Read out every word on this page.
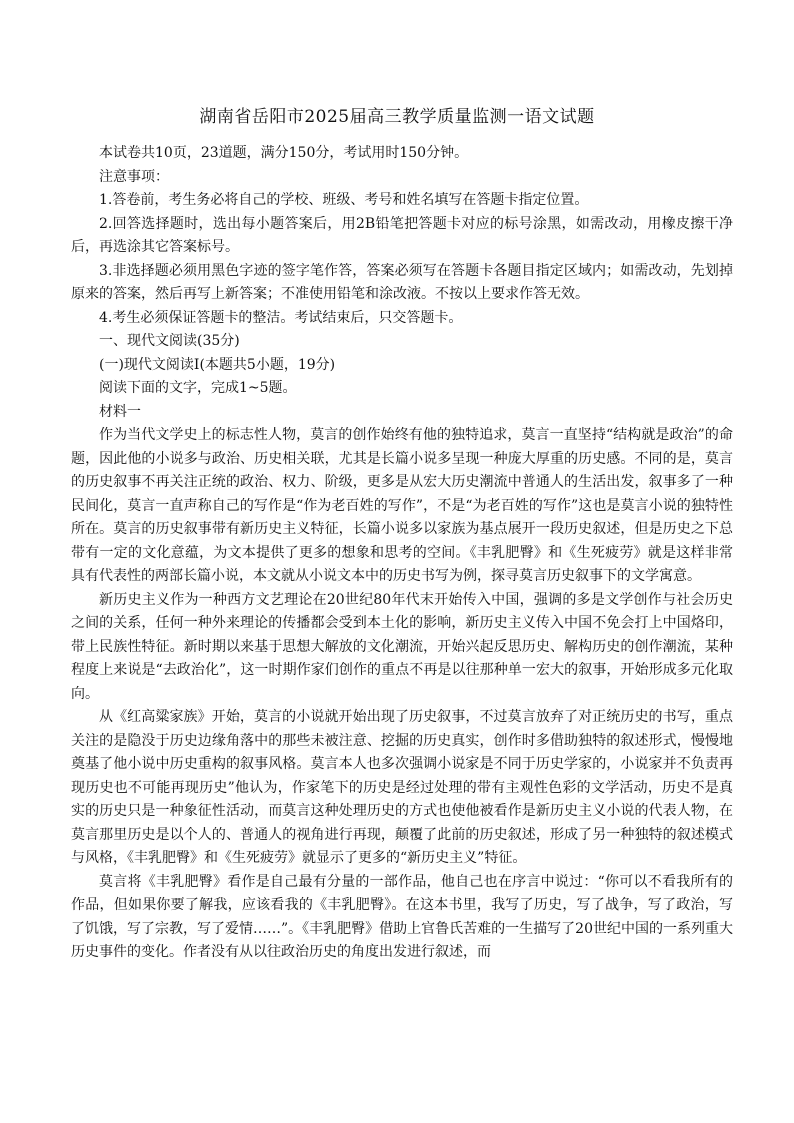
湖南省岳阳市2025届高三教学质量监测一语文试题

本试卷共10页，23道题，满分150分，考试用时150分钟。

注意事项：

1.答卷前，考生务必将自己的学校、班级、考号和姓名填写在答题卡指定位置。

2.回答选择题时，选出每小题答案后，用2B铅笔把答题卡对应的标号涂黑，如需改动，用橡皮擦干净后，再选涂其它答案标号。

3.非选择题必须用黑色字迹的签字笔作答，答案必须写在答题卡各题目指定区域内；如需改动，先划掉原来的答案，然后再写上新答案；不准使用铅笔和涂改液。不按以上要求作答无效。

4.考生必须保证答题卡的整洁。考试结束后，只交答题卡。

一、现代文阅读(35分)

(一)现代文阅读Ⅰ(本题共5小题，19分)

阅读下面的文字，完成1~5题。

材料一

作为当代文学史上的标志性人物，莫言的创作始终有他的独特追求，莫言一直坚持“结构就是政治”的命题，因此他的小说多与政治、历史相关联，尤其是长篇小说多呈现一种庞大厚重的历史感。不同的是，莫言的历史叙事不再关注正统的政治、权力、阶级，更多是从宏大历史潮流中普通人的生活出发，叙事多了一种民间化，莫言一直声称自己的写作是“作为老百姓的写作”，不是“为老百姓的写作”这也是莫言小说的独特性所在。莫言的历史叙事带有新历史主义特征，长篇小说多以家族为基点展开一段历史叙述，但是历史之下总带有一定的文化意蕴，为文本提供了更多的想象和思考的空间。《丰乳肥臀》和《生死疲劳》就是这样非常具有代表性的两部长篇小说，本文就从小说文本中的历史书写为例，探寻莫言历史叙事下的文学寓意。

新历史主义作为一种西方文艺理论在20世纪80年代末开始传入中国，强调的多是文学创作与社会历史之间的关系，任何一种外来理论的传播都会受到本土化的影响，新历史主义传入中国不免会打上中国烙印，带上民族性特征。新时期以来基于思想大解放的文化潮流，开始兴起反思历史、解构历史的创作潮流，某种程度上来说是“去政治化”，这一时期作家们创作的重点不再是以往那种单一宏大的叙事，开始形成多元化取向。

从《红高粱家族》开始，莫言的小说就开始出现了历史叙事，不过莫言放弃了对正统历史的书写，重点关注的是隐没于历史边缘角落中的那些未被注意、挖掘的历史真实，创作时多借助独特的叙述形式，慢慢地奠基了他小说中历史重构的叙事风格。莫言本人也多次强调小说家是不同于历史学家的，小说家并不负责再现历史也不可能再现历史”他认为，作家笔下的历史是经过处理的带有主观性色彩的文学活动，历史不是真实的历史只是一种象征性活动，而莫言这种处理历史的方式也使他被看作是新历史主义小说的代表人物，在莫言那里历史是以个人的、普通人的视角进行再现，颠覆了此前的历史叙述，形成了另一种独特的叙述模式与风格，《丰乳肥臀》和《生死疲劳》就显示了更多的“新历史主义”特征。

莫言将《丰乳肥臀》看作是自己最有分量的一部作品，他自己也在序言中说过：“你可以不看我所有的作品，但如果你要了解我，应该看我的《丰乳肥臀》。在这本书里，我写了历史，写了战争，写了政治，写了饥饿，写了宗教，写了爱情……”。《丰乳肥臀》借助上官鲁氏苦难的一生描写了20世纪中国的一系列重大历史事件的变化。作者没有从以往政治历史的角度出发进行叙述，而
